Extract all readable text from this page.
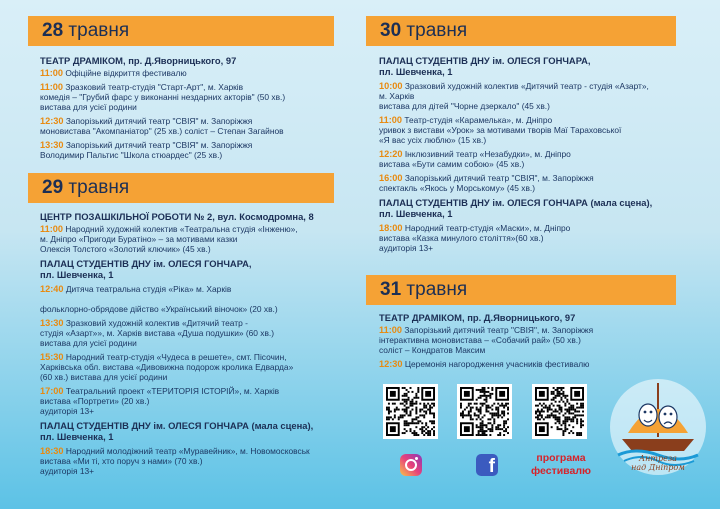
28 травня
ТЕАТР ДРАМІКОМ, пр. Д.Яворницького, 97
11:00 Офіційне відкриття фестивалю
11:00 Зразковий театр-студія "Старт-Арт", м. Харків
комедія – "Грубий фарс у виконанні нездарних акторів" (50 хв.)
вистава для усієї родини
12:30 Запорізький дитячий театр "СВІЯ" м. Запоріжжя
моновистава "Акомпаніатор" (25 хв.) соліст – Степан Загайнов
13:30 Запорізький дитячий театр "СВІЯ" м. Запоріжжя
Володимир Пальтис "Школа стюардес" (25 хв.)
29 травня
ЦЕНТР ПОЗАШКІЛЬНОЇ РОБОТИ № 2, вул. Космодромна, 8
11:00 Народний художній колектив «Театральна студія «Інженю»,
м. Дніпро «Пригоди Буратіно» – за мотивами казки
Олексія Толстого «Золотий ключик» (45 хв.)
ПАЛАЦ СТУДЕНТІВ ДНУ ім. ОЛЕСЯ ГОНЧАРА,
пл. Шевченка, 1
12:40 Дитяча театральна студія «Ріка» м. Харків

фольклорно-обрядове дійство «Український віночок» (20 хв.)
13:30 Зразковий художній колектив «Дитячий театр -
студія «Азарт»», м. Харків вистава «Душа подушки» (60 хв.)
вистава для усієї родини
15:30 Народний театр-студія «Чудеса в решете», смт. Пісочин,
Харківська обл. вистава «Дивовижна подорож кролика Едварда»
(60 хв.) вистава для усієї родини
17:00 Театральний проект «ТЕРИТОРІЯ ІСТОРІЙ», м. Харків
вистава «Портрети» (20 хв.)
аудиторія 13+
ПАЛАЦ СТУДЕНТІВ ДНУ ім. ОЛЕСЯ ГОНЧАРА (мала сцена),
пл. Шевченка, 1
18:30 Народний молодіжний театр «Муравейник», м. Новомосковськ
вистава «Ми ті, хто поруч з нами» (70 хв.)
аудиторія 13+
30 травня
ПАЛАЦ СТУДЕНТІВ ДНУ ім. ОЛЕСЯ ГОНЧАРА,
пл. Шевченка, 1
10:00 Зразковий художній колектив «Дитячий театр - студія «Азарт»,
м. Харків
вистава для дітей "Чорне дзеркало" (45 хв.)
11:00 Театр-студія «Карамелька», м. Дніпро
уривок з вистави «Урок» за мотивами творів Маї Тараховської
«Я вас усіх люблю» (15 хв.)
12:20 Інклюзивний театр «Незабудки», м. Дніпро
вистава «Бути самим собою» (45 хв.)
16:00 Запорізький дитячий театр "СВІЯ", м. Запоріжжя
спектакль «Якось у Морському» (45 хв.)
ПАЛАЦ СТУДЕНТІВ ДНУ ім. ОЛЕСЯ ГОНЧАРА (мала сцена),
пл. Шевченка, 1
18:00 Народний театр-студія «Маски», м. Дніпро
вистава «Казка минулого століття»(60 хв.)
аудиторія 13+
31 травня
ТЕАТР ДРАМІКОМ, пр. Д.Яворницького, 97
11:00 Запорізький дитячий театр "СВІЯ", м. Запоріжжя
інтерактивна моновистава – «Собачий рай» (50 хв.)
соліст – Кондратов Максим
12:30 Церемонія нагородження учасників фестивалю
f	програма
фестивалю
Антреза
над Дніпром
